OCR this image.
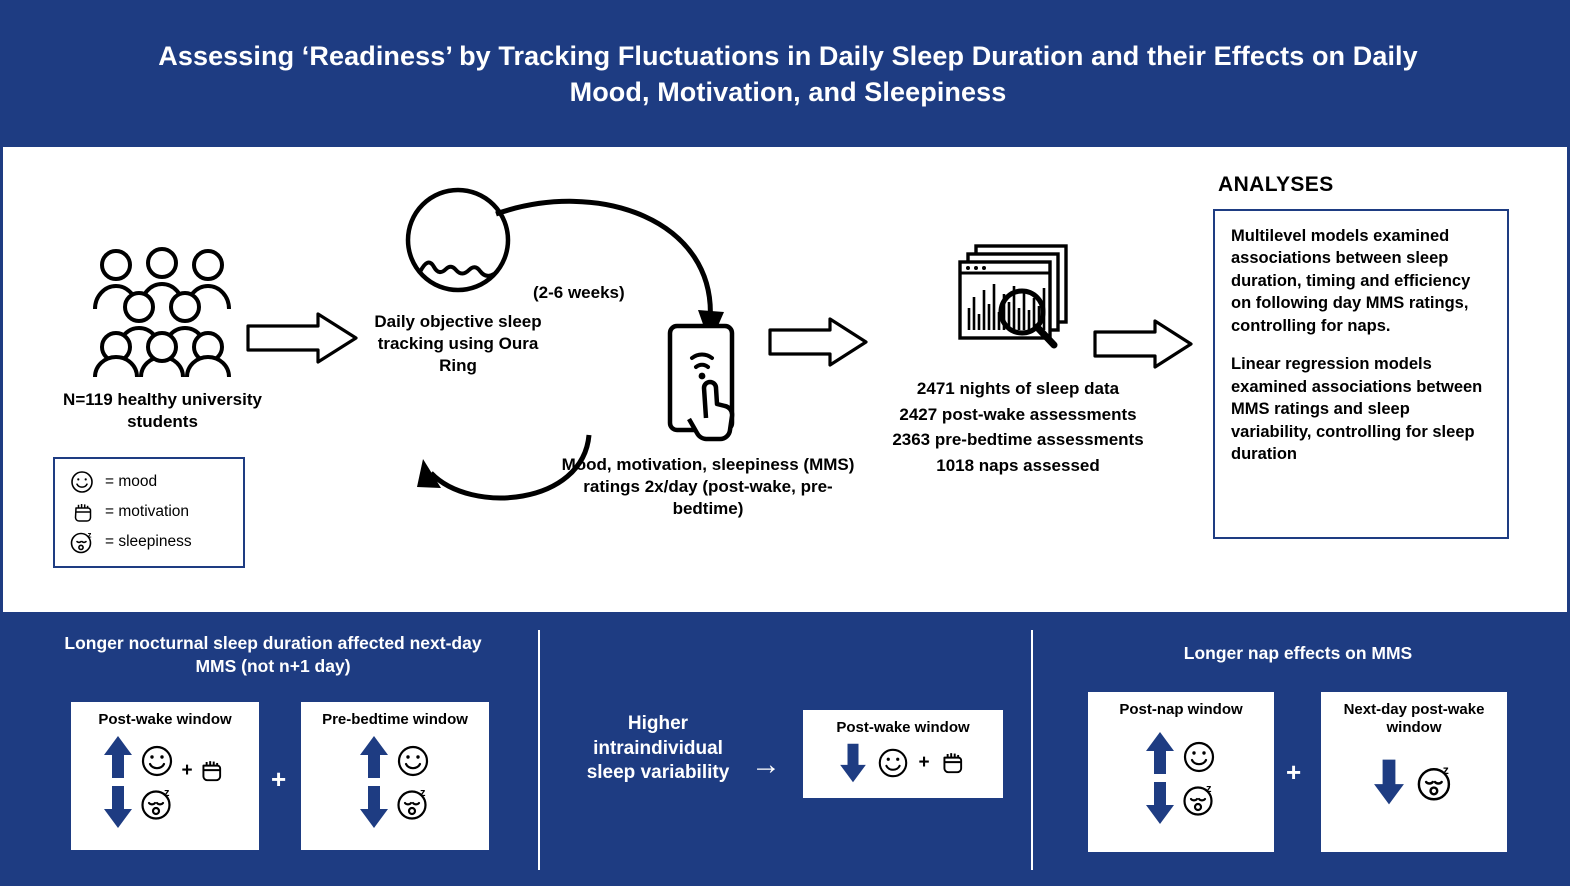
Assessing ‘Readiness’ by Tracking Fluctuations in Daily Sleep Duration and their Effects on Daily Mood, Motivation, and Sleepiness
N=119 healthy university students
= mood
= motivation
z = sleepiness
Daily objective sleep tracking using Oura Ring
(2-6 weeks)
Mood, motivation, sleepiness (MMS) ratings 2x/day (post-wake, pre-bedtime)
2471 nights of sleep data
2427 post-wake assessments
2363 pre-bedtime assessments
1018 naps assessed
ANALYSES

Multilevel models examined associations between sleep duration, timing and efficiency on following day MMS ratings, controlling for naps.

Linear regression models examined associations between MMS ratings and sleep variability, controlling for sleep duration

Longer nocturnal sleep duration affected next-day MMS (not n+1 day)
Longer nap effects on MMS
Post-wake window
z
+	+
Pre-bedtime window
z
Higher intraindividual sleep variability →
Post-wake window
+
Post-nap window
z
+
Next-day post-wake window
z
